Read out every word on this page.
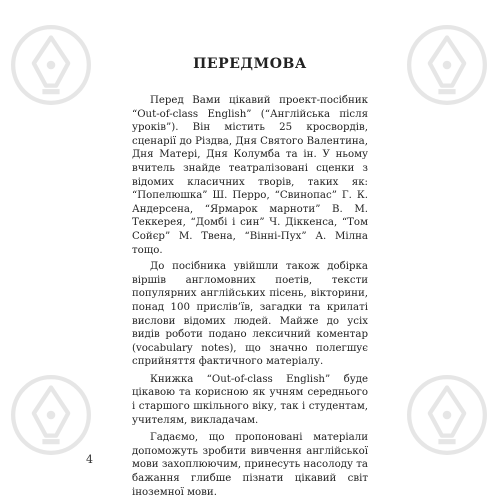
ПЕРЕДМОВА

Перед Вами цікавий проект-посібник “Out-of-class English” (“Англійська після уроків”). Він містить 25 кросвордів, сценарії до Різдва, Дня Святого Валентина, Дня Матері, Дня Колумба та ін. У ньому вчитель знайде театралізовані сценки з відомих класичних творів, таких як: “Попелюшка” Ш. Перро, “Свинопас” Г. К. Андерсена, “Ярмарок марноти” В. М. Теккерея, “Домбі і син” Ч. Діккенса, “Том Сойєр” М. Твена, “Вінні-Пух” А. Мілна тощо.

До посібника увійшли також добірка віршів англомовних поетів, тексти популярних англійських пісень, вікторини, понад 100 прислів’їв, загадки та крилаті вислови відомих людей. Майже до усіх видів роботи подано лексичний коментар (vocabulary notes), що значно полегшує сприйняття фактичного матеріалу.

Книжка “Out-of-class English” буде цікавою та корисною як учням середнього і старшого шкільного віку, так і студентам, учителям, викладачам.

Гадаємо, що пропоновані матеріали допоможуть зробити вивчення англійської мови захоплюючим, принесуть насолоду та бажання глибше пізнати цікавий світ іноземної мови.

4
